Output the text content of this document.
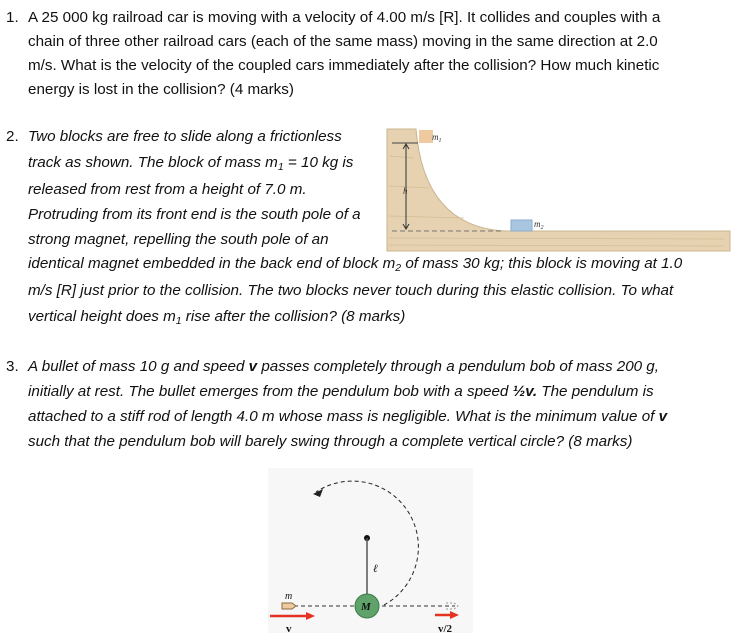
1. A 25 000 kg railroad car is moving with a velocity of 4.00 m/s [R]. It collides and couples with a
chain of three other railroad cars (each of the same mass) moving in the same direction at 2.0
m/s. What is the velocity of the coupled cars immediately after the collision? How much kinetic
energy is lost in the collision? (4 marks)
2. Two blocks are free to slide along a frictionless
track as shown. The block of mass $m_1 = 10$ kg is
released from rest from a height of 7.0 m.
Protruding from its front end is the south pole of a
strong magnet, repelling the south pole of an
identical magnet embedded in the back end of block $m_2$ of mass 30 kg; this block is moving at 1.0
m/s [R] just prior to the collision. The two blocks never touch during this elastic collision. To what
vertical height does $m_1$ rise after the collision? (8 marks)
$m_1$
$m_2$
h
3. A bullet of mass 10 g and speed v passes completely through a pendulum bob of mass 200 g,
initially at rest. The bullet emerges from the pendulum bob with a speed ½v. The pendulum is
attached to a stiff rod of length 4.0 m whose mass is negligible. What is the minimum value of v
such that the pendulum bob will barely swing through a complete vertical circle? (8 marks)
M
ℓ
m
v	v/2
